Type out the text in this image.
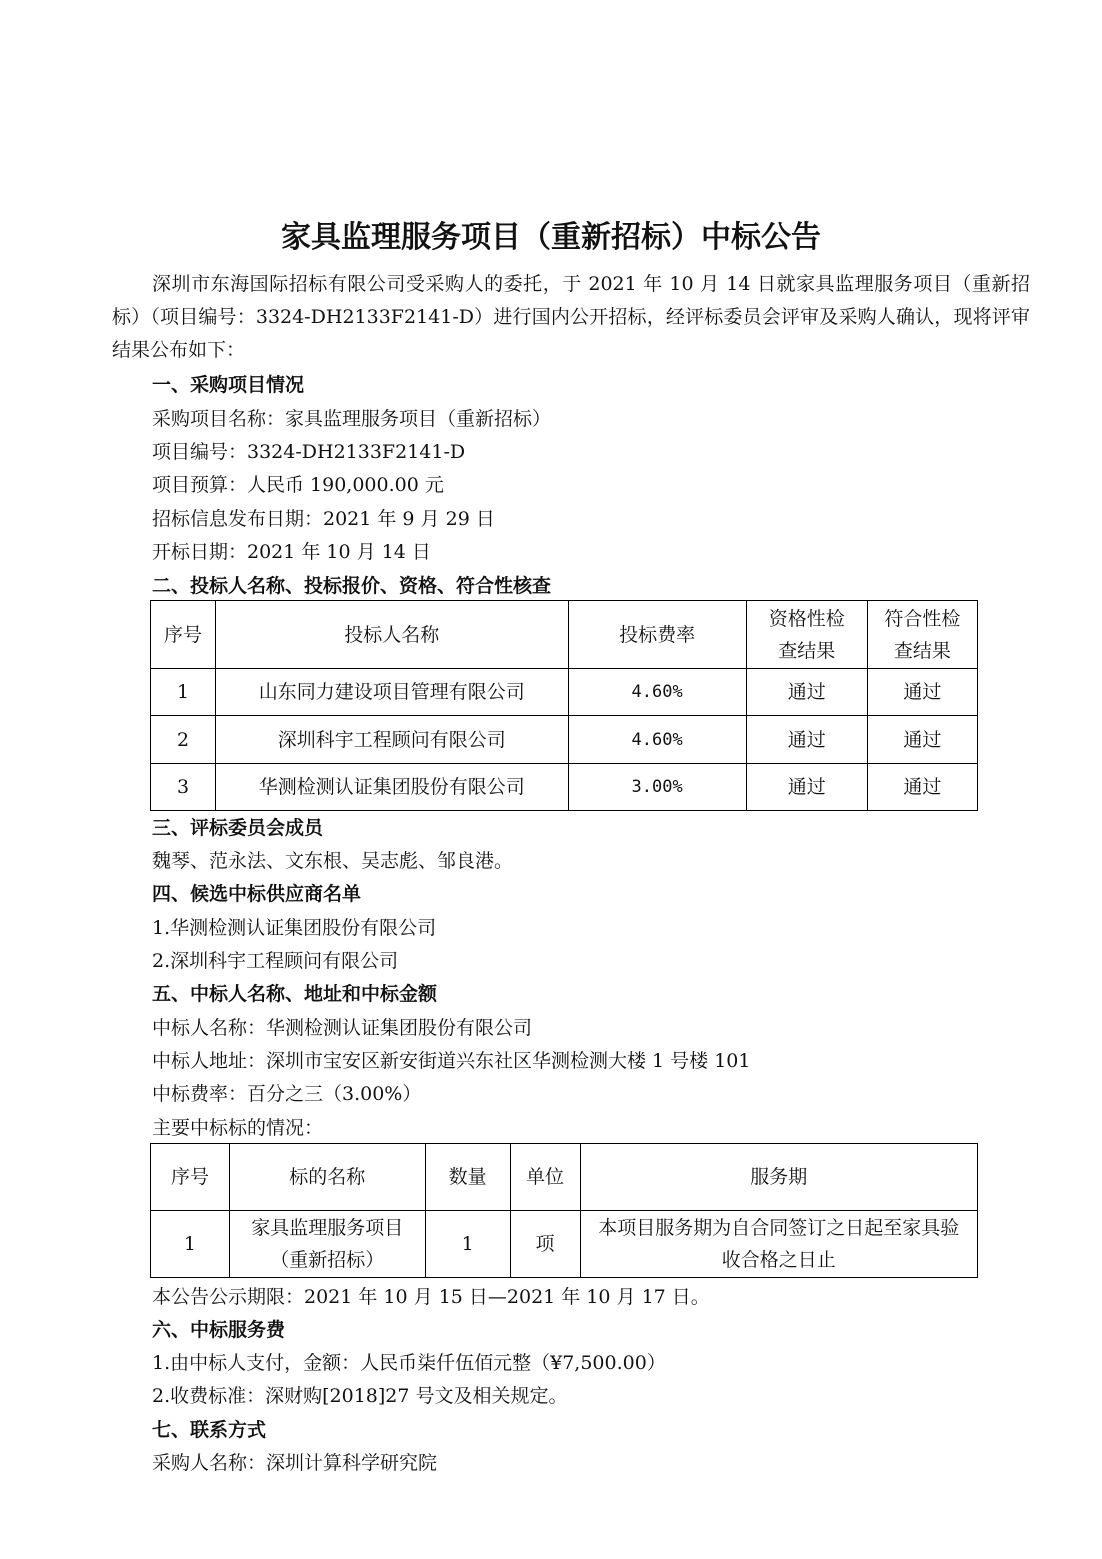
家具监理服务项目（重新招标）中标公告
深圳市东海国际招标有限公司受采购人的委托，于 2021 年 10 月 14 日就家具监理服务项目（重新招标）（项目编号：3324-DH2133F2141-D）进行国内公开招标，经评标委员会评审及采购人确认，现将评审结果公布如下：
一、采购项目情况
采购项目名称：家具监理服务项目（重新招标）
项目编号：3324-DH2133F2141-D
项目预算：人民币 190,000.00 元
招标信息发布日期：2021 年 9 月 29 日
开标日期：2021 年 10 月 14 日
二、投标人名称、投标报价、资格、符合性核查
序号	投标人名称	投标费率	资格性检查结果	符合性检查结果
1	山东同力建设项目管理有限公司	4.60%	通过	通过
2	深圳科宇工程顾问有限公司	4.60%	通过	通过
3	华测检测认证集团股份有限公司	3.00%	通过	通过
三、评标委员会成员
魏琴、范永法、文东根、吴志彪、邹良港。
四、候选中标供应商名单
1.华测检测认证集团股份有限公司
2.深圳科宇工程顾问有限公司
五、中标人名称、地址和中标金额
中标人名称：华测检测认证集团股份有限公司
中标人地址：深圳市宝安区新安街道兴东社区华测检测大楼 1 号楼 101
中标费率：百分之三（3.00%）
主要中标标的情况：
序号	标的名称	数量	单位	服务期
1	家具监理服务项目（重新招标）	1	项	本项目服务期为自合同签订之日起至家具验收合格之日止
本公告公示期限：2021 年 10 月 15 日—2021 年 10 月 17 日。
六、中标服务费
1.由中标人支付，金额：人民币柒仟伍佰元整（¥7,500.00）
2.收费标准：深财购[2018]27 号文及相关规定。
七、联系方式
采购人名称：深圳计算科学研究院
